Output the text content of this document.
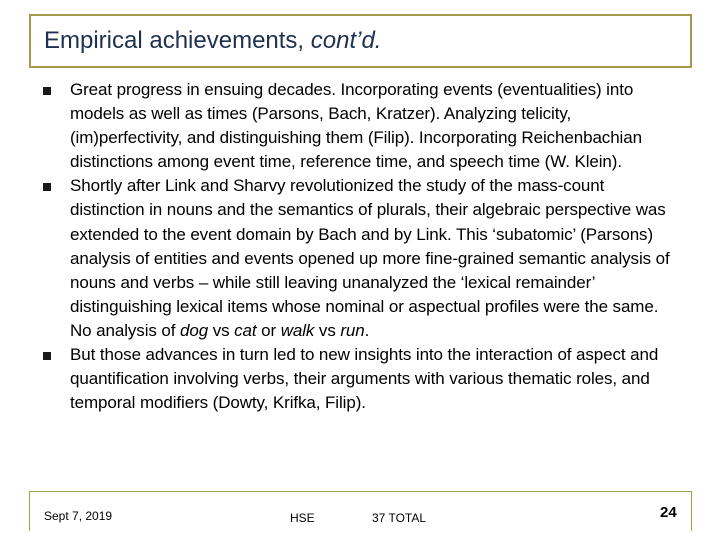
Empirical achievements, cont’d.
Great progress in ensuing decades. Incorporating events (eventualities) into models as well as times (Parsons, Bach, Kratzer). Analyzing telicity, (im)perfectivity, and distinguishing them (Filip). Incorporating Reichenbachian distinctions among event time, reference time, and speech time (W. Klein).
Shortly after Link and Sharvy revolutionized the study of the mass-count distinction in nouns and the semantics of plurals, their algebraic perspective was extended to the event domain by Bach and by Link. This ‘subatomic’ (Parsons) analysis of entities and events opened up more fine-grained semantic analysis of nouns and verbs – while still leaving unanalyzed the ‘lexical remainder’ distinguishing lexical items whose nominal or aspectual profiles were the same. No analysis of dog vs cat or walk vs run.
But those advances in turn led to new insights into the interaction of aspect and quantification involving verbs, their arguments with various thematic roles, and temporal modifiers (Dowty, Krifka, Filip).
Sept 7, 2019	HSE	37 TOTAL	24
